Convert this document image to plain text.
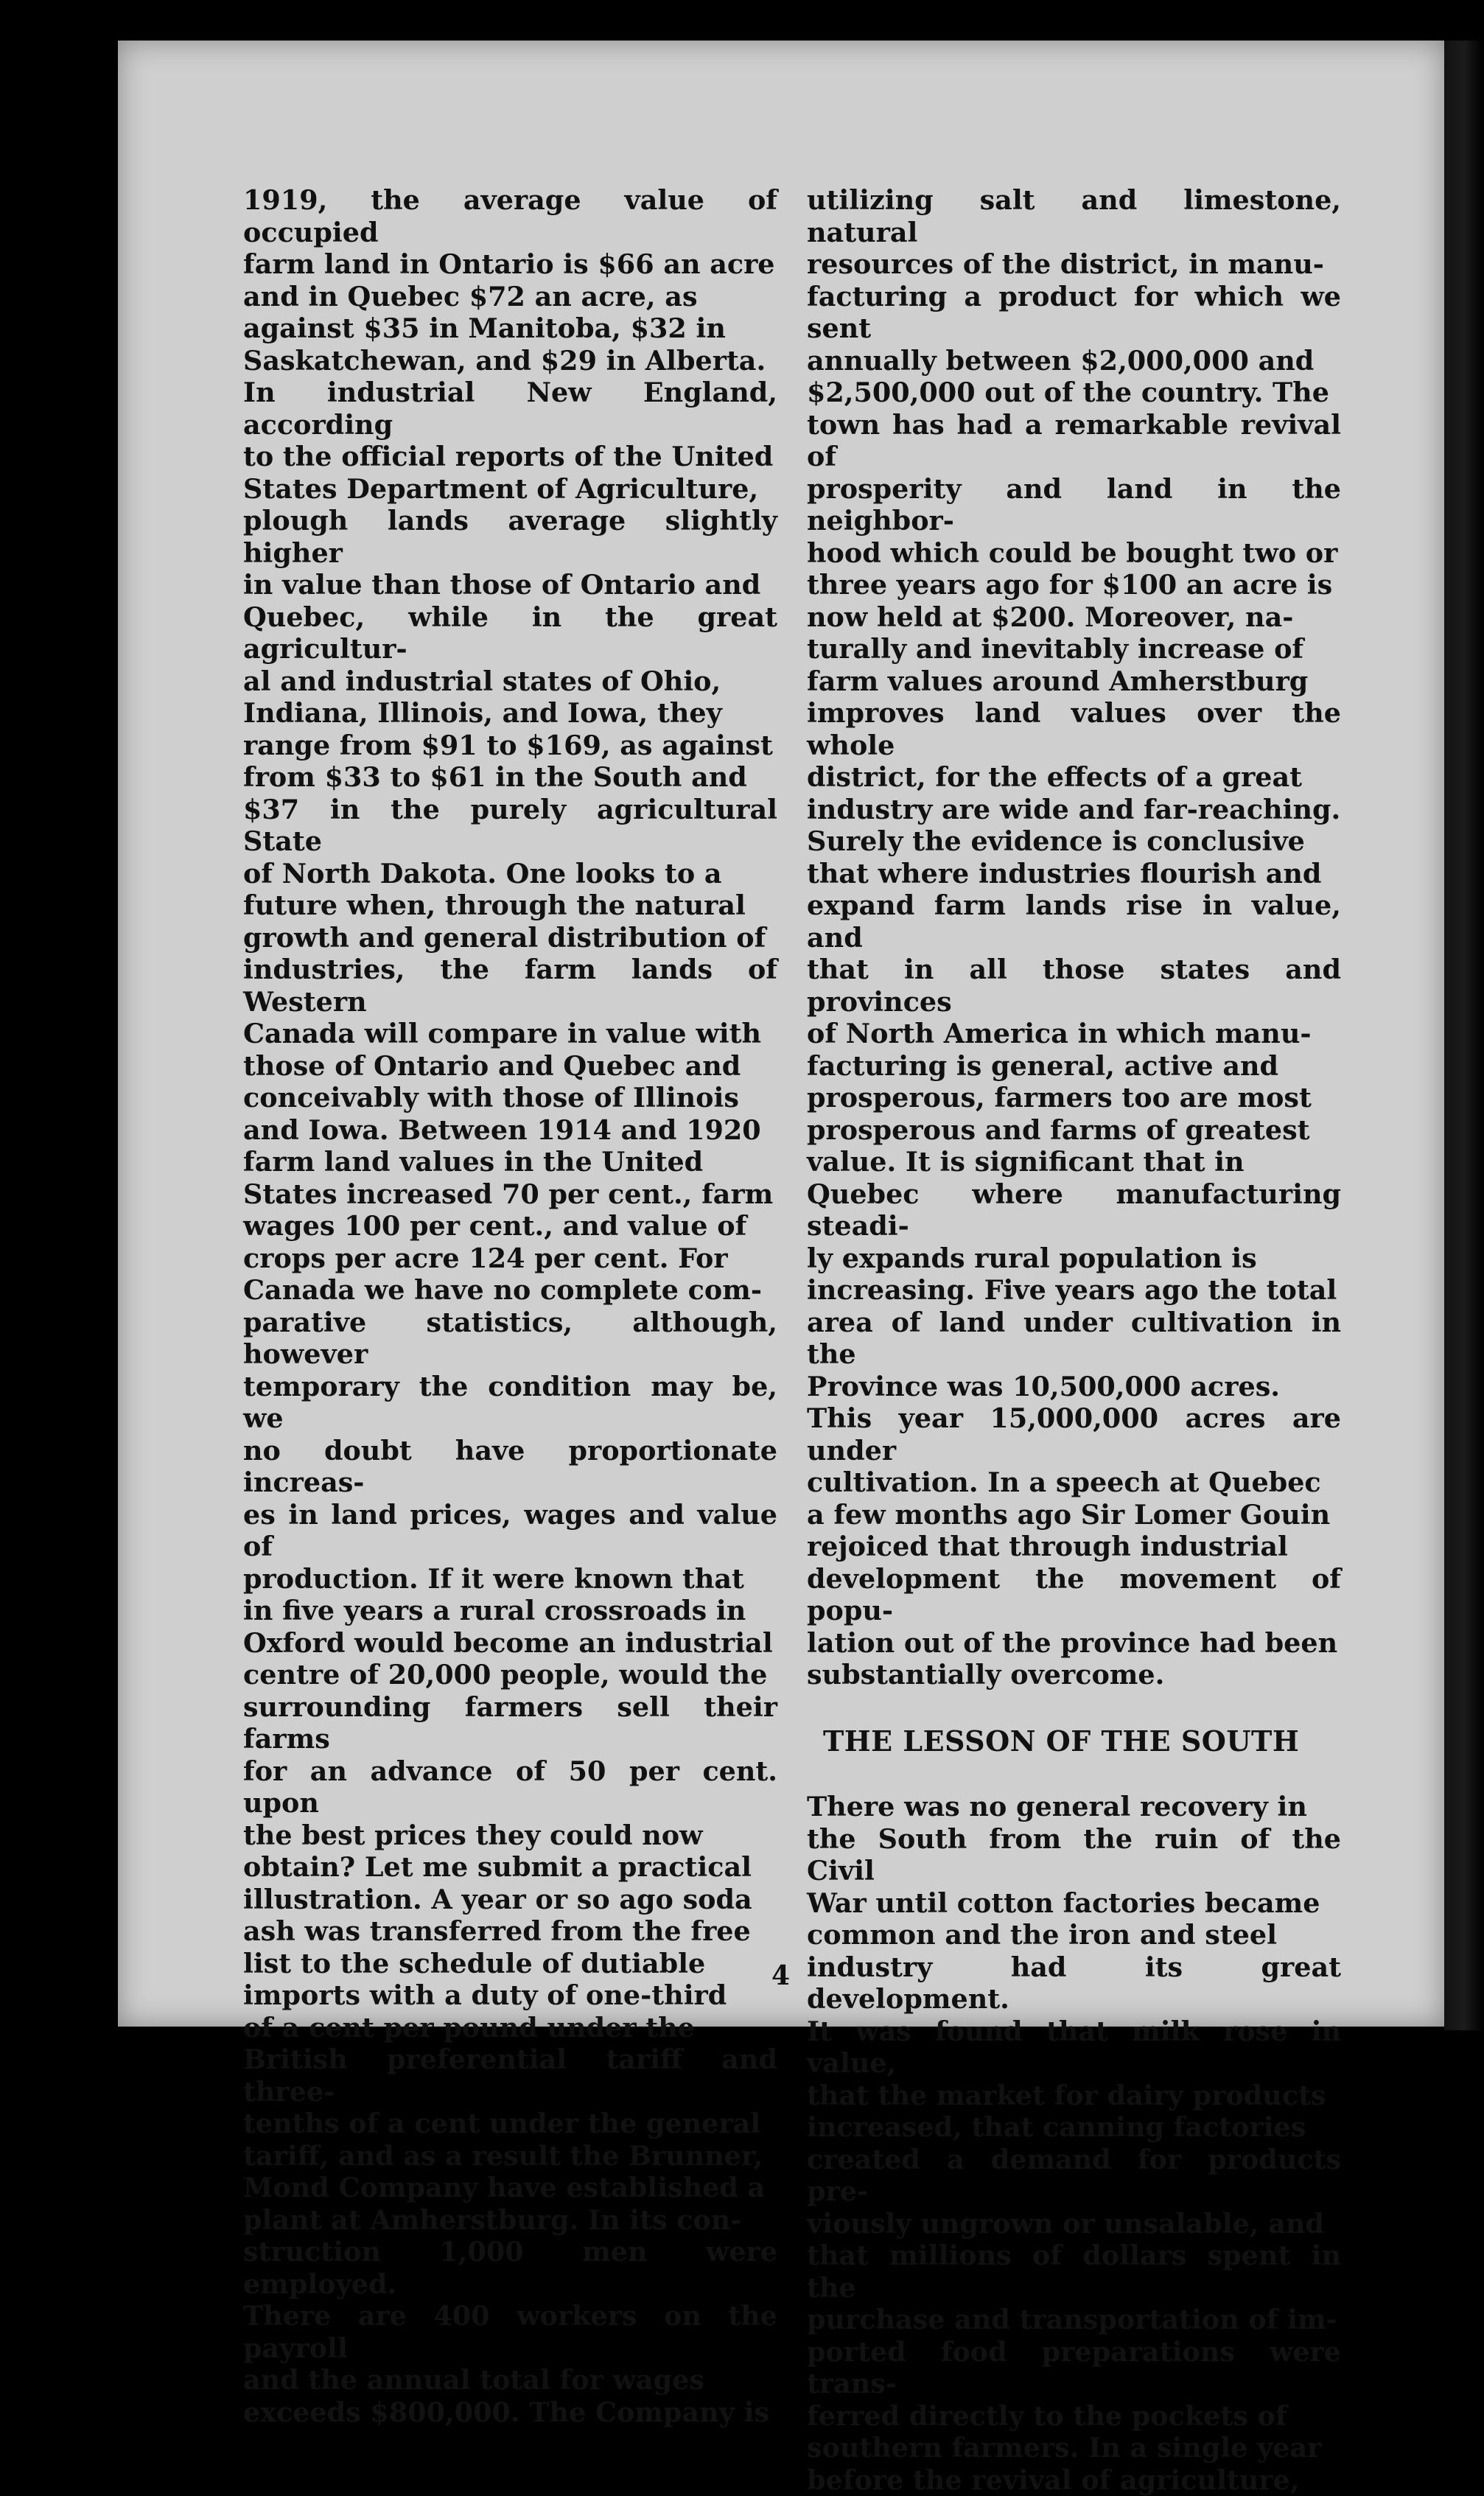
1919, the average value of occupied
farm land in Ontario is $66 an acre
and in Quebec $72 an acre, as
against $35 in Manitoba, $32 in
Saskatchewan, and $29 in Alberta.
In industrial New England, according
to the official reports of the United
States Department of Agriculture,
plough lands average slightly higher
in value than those of Ontario and
Quebec, while in the great agricultur-
al and industrial states of Ohio,
Indiana, Illinois, and Iowa, they
range from $91 to $169, as against
from $33 to $61 in the South and
$37 in the purely agricultural State
of North Dakota. One looks to a
future when, through the natural
growth and general distribution of
industries, the farm lands of Western
Canada will compare in value with
those of Ontario and Quebec and
conceivably with those of Illinois
and Iowa. Between 1914 and 1920
farm land values in the United
States increased 70 per cent., farm
wages 100 per cent., and value of
crops per acre 124 per cent. For
Canada we have no complete com-
parative statistics, although, however
temporary the condition may be, we
no doubt have proportionate increas-
es in land prices, wages and value of
production. If it were known that
in five years a rural crossroads in
Oxford would become an industrial
centre of 20,000 people, would the
surrounding farmers sell their farms
for an advance of 50 per cent. upon
the best prices they could now
obtain? Let me submit a practical
illustration. A year or so ago soda
ash was transferred from the free
list to the schedule of dutiable
imports with a duty of one-third
of a cent per pound under the
British preferential tariff and three-
tenths of a cent under the general
tariff, and as a result the Brunner,
Mond Company have established a
plant at Amherstburg. In its con-
struction 1,000 men were employed.
There are 400 workers on the payroll
and the annual total for wages
exceeds $800,000. The Company is

utilizing salt and limestone, natural
resources of the district, in manu-
facturing a product for which we sent
annually between $2,000,000 and
$2,500,000 out of the country. The
town has had a remarkable revival of
prosperity and land in the neighbor-
hood which could be bought two or
three years ago for $100 an acre is
now held at $200. Moreover, na-
turally and inevitably increase of
farm values around Amherstburg
improves land values over the whole
district, for the effects of a great
industry are wide and far-reaching.
Surely the evidence is conclusive
that where industries flourish and
expand farm lands rise in value, and
that in all those states and provinces
of North America in which manu-
facturing is general, active and
prosperous, farmers too are most
prosperous and farms of greatest
value. It is significant that in
Quebec where manufacturing steadi-
ly expands rural population is
increasing. Five years ago the total
area of land under cultivation in the
Province was 10,500,000 acres.
This year 15,000,000 acres are under
cultivation. In a speech at Quebec
a few months ago Sir Lomer Gouin
rejoiced that through industrial
development the movement of popu-
lation out of the province had been
substantially overcome.

THE LESSON OF THE SOUTH

There was no general recovery in
the South from the ruin of the Civil
War until cotton factories became
common and the iron and steel
industry had its great development.
It was found that milk rose in value,
that the market for dairy products
increased, that canning factories
created a demand for products pre-
viously ungrown or unsalable, and
that millions of dollars spent in the
purchase and transportation of im-
ported food preparations were trans-
ferred directly to the pockets of
southern farmers. In a single year
before the revival of agriculture,

4
